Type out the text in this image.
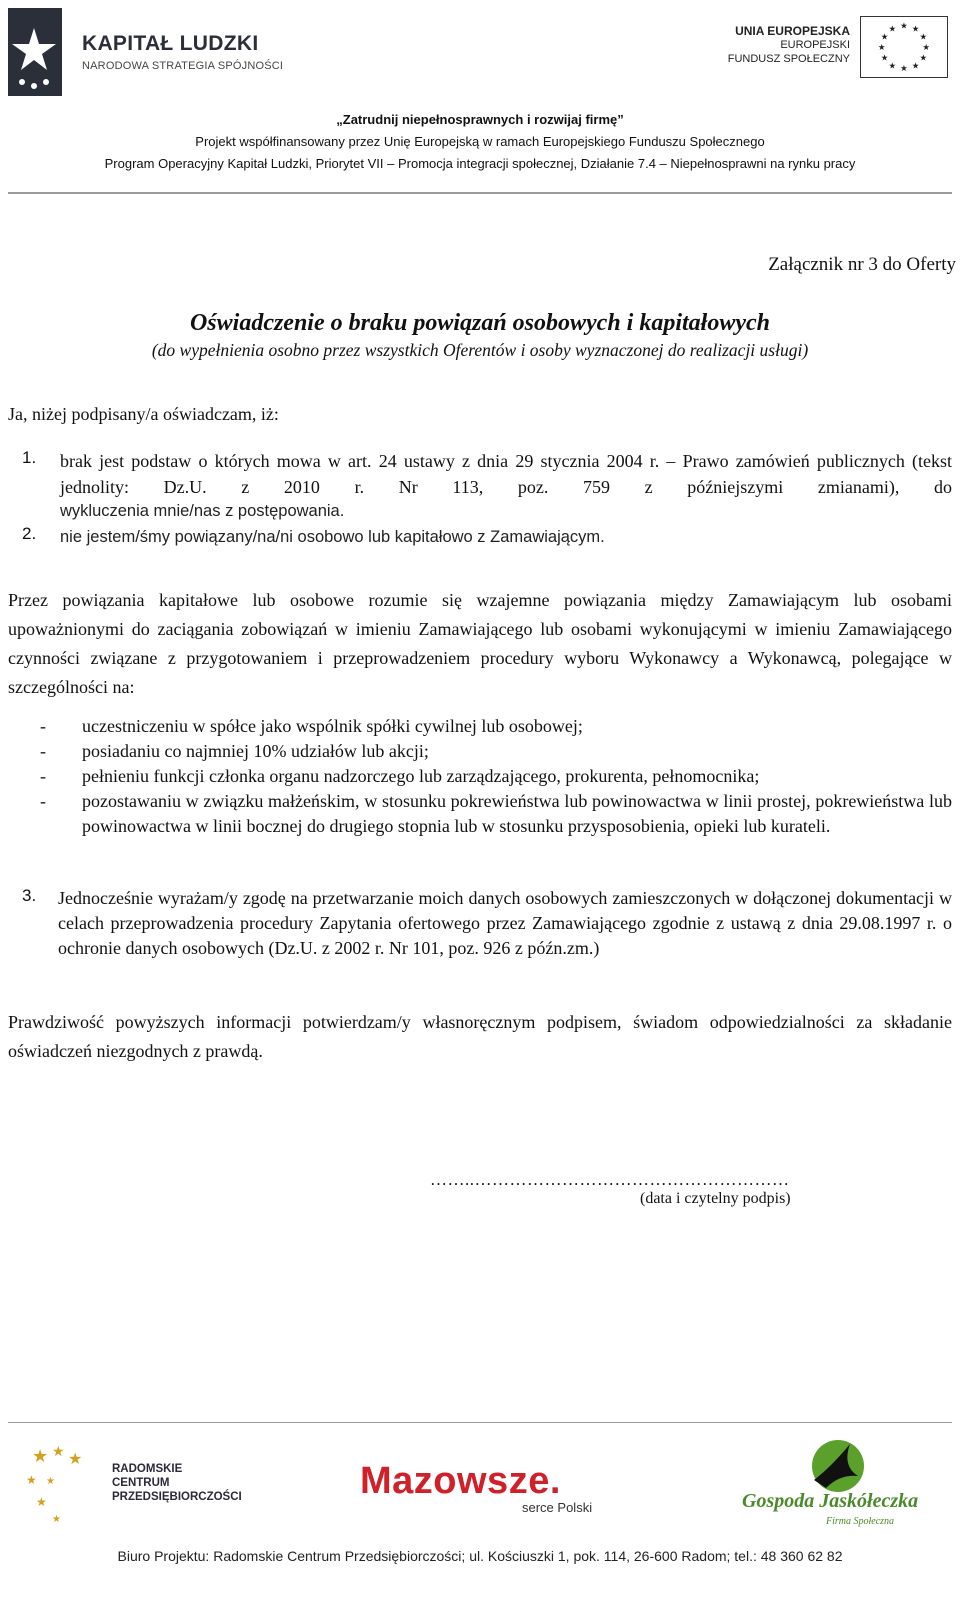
KAPITAŁ LUDZKI
NARODOWA STRATEGIA SPÓJNOŚCI
UNIA EUROPEJSKA
EUROPEJSKI
FUNDUSZ SPOŁECZNY
★ ★
★
★
★
★
★
★
★
★
★
★
„Zatrudnij niepełnosprawnych i rozwijaj firmę”
Projekt współfinansowany przez Unię Europejską w ramach Europejskiego Funduszu Społecznego
Program Operacyjny Kapitał Ludzki, Priorytet VII – Promocja integracji społecznej, Działanie 7.4 – Niepełnosprawni na rynku pracy
Załącznik nr 3 do Oferty
Oświadczenie o braku powiązań osobowych i kapitałowych
(do wypełnienia osobno przez wszystkich Oferentów i osoby wyznaczonej do realizacji usługi)
Ja, niżej podpisany/a oświadczam, iż:
1. brak jest podstaw o których mowa w art. 24 ustawy z dnia 29 stycznia 2004 r. – Prawo zamówień publicznych (tekst jednolity: Dz.U. z 2010 r. Nr 113, poz. 759 z późniejszymi zmianami), do
wykluczenia mnie/nas z postępowania.
2. nie jestem/śmy powiązany/na/ni osobowo lub kapitałowo z Zamawiającym.
Przez powiązania kapitałowe lub osobowe rozumie się wzajemne powiązania między Zamawiającym lub osobami upoważnionymi do zaciągania zobowiązań w imieniu Zamawiającego lub osobami wykonującymi w imieniu Zamawiającego czynności związane z przygotowaniem i przeprowadzeniem procedury wyboru Wykonawcy a Wykonawcą, polegające w szczególności na:
- uczestniczeniu w spółce jako wspólnik spółki cywilnej lub osobowej;
- posiadaniu co najmniej 10% udziałów lub akcji;
- pełnieniu funkcji członka organu nadzorczego lub zarządzającego, prokurenta, pełnomocnika;
- pozostawaniu w związku małżeńskim, w stosunku pokrewieństwa lub powinowactwa w linii prostej, pokrewieństwa lub powinowactwa w linii bocznej do drugiego stopnia lub w stosunku przysposobienia, opieki lub kurateli.
3. Jednocześnie wyrażam/y zgodę na przetwarzanie moich danych osobowych zamieszczonych w dołączonej dokumentacji w celach przeprowadzenia procedury Zapytania ofertowego przez Zamawiającego zgodnie z ustawą z dnia 29.08.1997 r. o ochronie danych osobowych (Dz.U. z 2002 r. Nr 101, poz. 926 z późn.zm.)
Prawdziwość powyższych informacji potwierdzam/y własnoręcznym podpisem, świadom odpowiedzialności za składanie oświadczeń niezgodnych z prawdą.
……..………………………………………………
(data i czytelny podpis)
★ ★ ★
★ ★
★
★
RADOMSKIE
CENTRUM
PRZEDSIĘBIORCZOŚCI	Mazowsze.
serce Polski	Gospoda Jaskółeczka
Firma Społeczna
Biuro Projektu: Radomskie Centrum Przedsiębiorczości; ul. Kościuszki 1, pok. 114, 26-600 Radom; tel.: 48 360 62 82
